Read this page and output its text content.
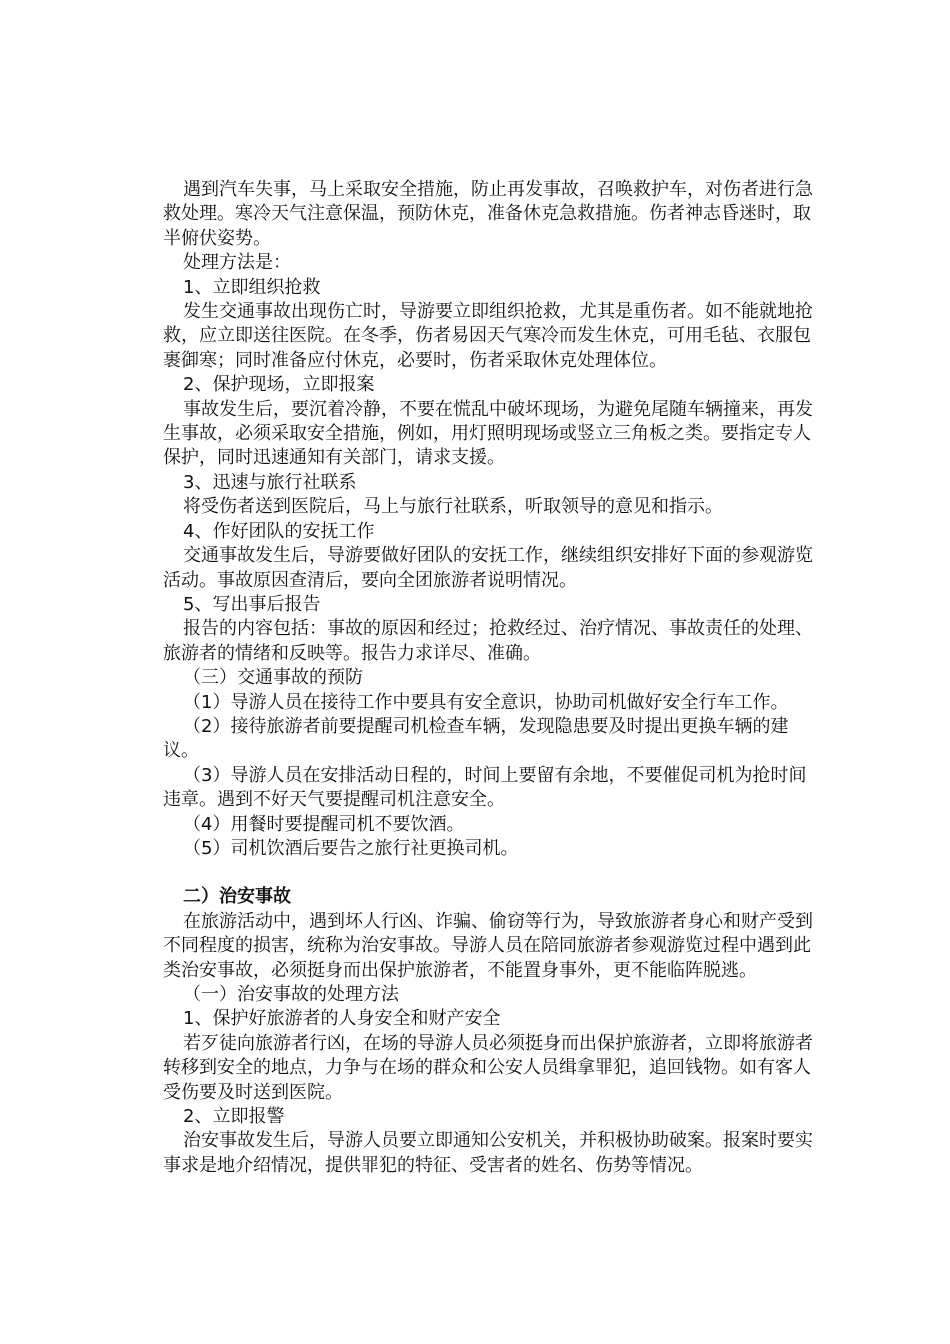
遇到汽车失事，马上采取安全措施，防止再发事故，召唤救护车，对伤者进行急救处理。寒冷天气注意保温，预防休克，准备休克急救措施。伤者神志昏迷时，取半俯伏姿势。

处理方法是：

1、立即组织抢救

发生交通事故出现伤亡时，导游要立即组织抢救，尤其是重伤者。如不能就地抢救，应立即送往医院。在冬季，伤者易因天气寒冷而发生休克，可用毛毡、衣服包裹御寒；同时准备应付休克，必要时，伤者采取休克处理体位。

2、保护现场，立即报案

事故发生后，要沉着冷静，不要在慌乱中破坏现场，为避免尾随车辆撞来，再发生事故，必须采取安全措施，例如，用灯照明现场或竖立三角板之类。要指定专人保护，同时迅速通知有关部门，请求支援。

3、迅速与旅行社联系

将受伤者送到医院后，马上与旅行社联系，听取领导的意见和指示。

4、作好团队的安抚工作

交通事故发生后，导游要做好团队的安抚工作，继续组织安排好下面的参观游览活动。事故原因查清后，要向全团旅游者说明情况。

5、写出事后报告

报告的内容包括：事故的原因和经过；抢救经过、治疗情况、事故责任的处理、旅游者的情绪和反映等。报告力求详尽、准确。

（三）交通事故的预防

（1）导游人员在接待工作中要具有安全意识，协助司机做好安全行车工作。

（2）接待旅游者前要提醒司机检查车辆，发现隐患要及时提出更换车辆的建议。

（3）导游人员在安排活动日程的，时间上要留有余地，不要催促司机为抢时间违章。遇到不好天气要提醒司机注意安全。

（4）用餐时要提醒司机不要饮酒。

（5）司机饮酒后要告之旅行社更换司机。

二）治安事故

在旅游活动中，遇到坏人行凶、诈骗、偷窃等行为，导致旅游者身心和财产受到不同程度的损害，统称为治安事故。导游人员在陪同旅游者参观游览过程中遇到此类治安事故，必须挺身而出保护旅游者，不能置身事外，更不能临阵脱逃。

（一）治安事故的处理方法

1、保护好旅游者的人身安全和财产安全

若歹徒向旅游者行凶，在场的导游人员必须挺身而出保护旅游者，立即将旅游者转移到安全的地点，力争与在场的群众和公安人员缉拿罪犯，追回钱物。如有客人受伤要及时送到医院。

2、立即报警

治安事故发生后，导游人员要立即通知公安机关，并积极协助破案。报案时要实事求是地介绍情况，提供罪犯的特征、受害者的姓名、伤势等情况。
